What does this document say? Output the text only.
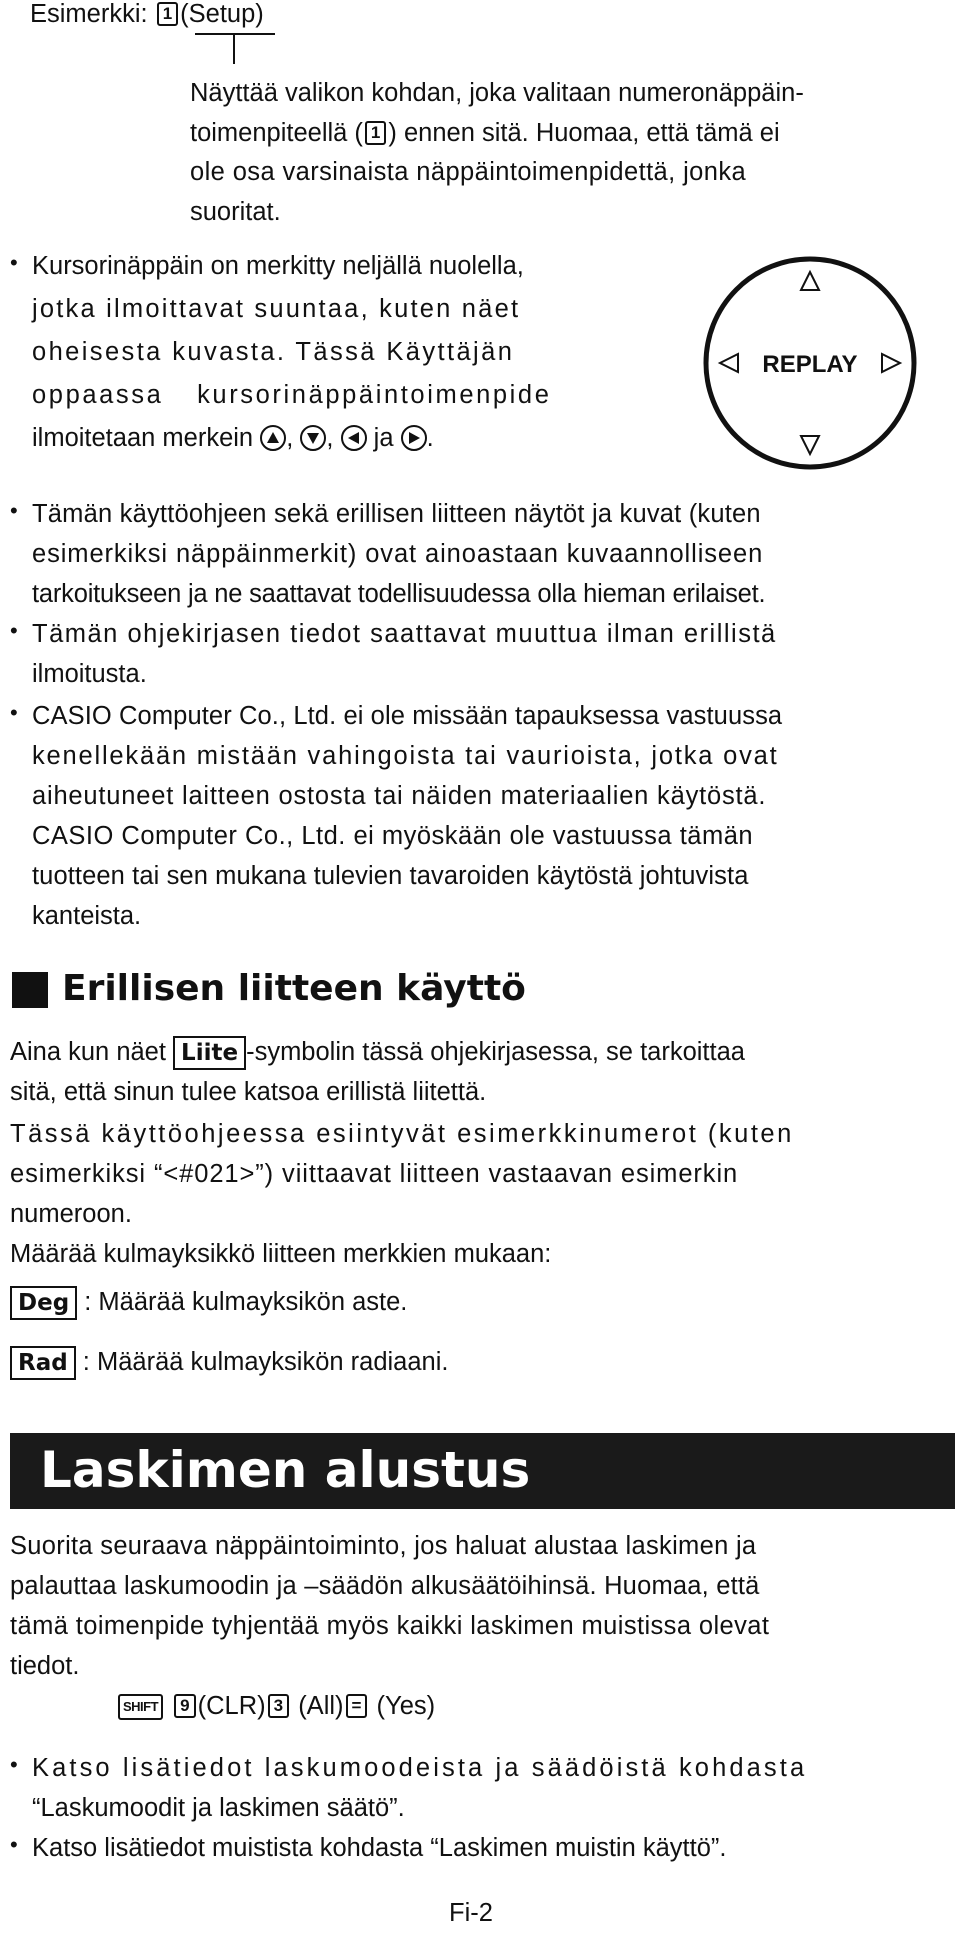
Esimerkki: 1 (Setup)
Näyttää valikon kohdan, joka valitaan numeronäppäin-
toimenpiteellä ( 1 ) ennen sitä. Huomaa, että tämä ei
ole osa varsinaista näppäintoimenpidettä, jonka
suoritat.
• Kursorinäppäin on merkitty neljällä nuolella,
jotka ilmoittavat suuntaa, kuten näet
oheisesta kuvasta. Tässä Käyttäjän
oppaassa kursorinäppäintoimenpide
ilmoitetaan merkein , , ja .
REPLAY
• Tämän käyttöohjeen sekä erillisen liitteen näytöt ja kuvat (kuten
esimerkiksi näppäinmerkit) ovat ainoastaan kuvaannolliseen
tarkoitukseen ja ne saattavat todellisuudessa olla hieman erilaiset.
• Tämän ohjekirjasen tiedot saattavat muuttua ilman erillistä
ilmoitusta.
• CASIO Computer Co., Ltd. ei ole missään tapauksessa vastuussa
kenellekään mistään vahingoista tai vaurioista, jotka ovat
aiheutuneet laitteen ostosta tai näiden materiaalien käytöstä.
CASIO Computer Co., Ltd. ei myöskään ole vastuussa tämän
tuotteen tai sen mukana tulevien tavaroiden käytöstä johtuvista
kanteista.
Erillisen liitteen käyttö
Aina kun näet Liite -symbolin tässä ohjekirjasessa, se tarkoittaa
sitä, että sinun tulee katsoa erillistä liitettä.
Tässä käyttöohjeessa esiintyvät esimerkkinumerot (kuten
esimerkiksi “<#021>”) viittaavat liitteen vastaavan esimerkin
numeroon.
Määrää kulmayksikkö liitteen merkkien mukaan:
Deg : Määrää kulmayksikön aste.
Rad : Määrää kulmayksikön radiaani.
Laskimen alustus
Suorita seuraava näppäintoiminto, jos haluat alustaa laskimen ja
palauttaa laskumoodin ja –säädön alkusäätöihinsä. Huomaa, että
tämä toimenpide tyhjentää myös kaikki laskimen muistissa olevat
tiedot.
SHIFT 9 (CLR) 3 (All) = (Yes)
• Katso lisätiedot laskumoodeista ja säädöistä kohdasta
“Laskumoodit ja laskimen säätö”.
• Katso lisätiedot muistista kohdasta “Laskimen muistin käyttö”.
Fi-2
